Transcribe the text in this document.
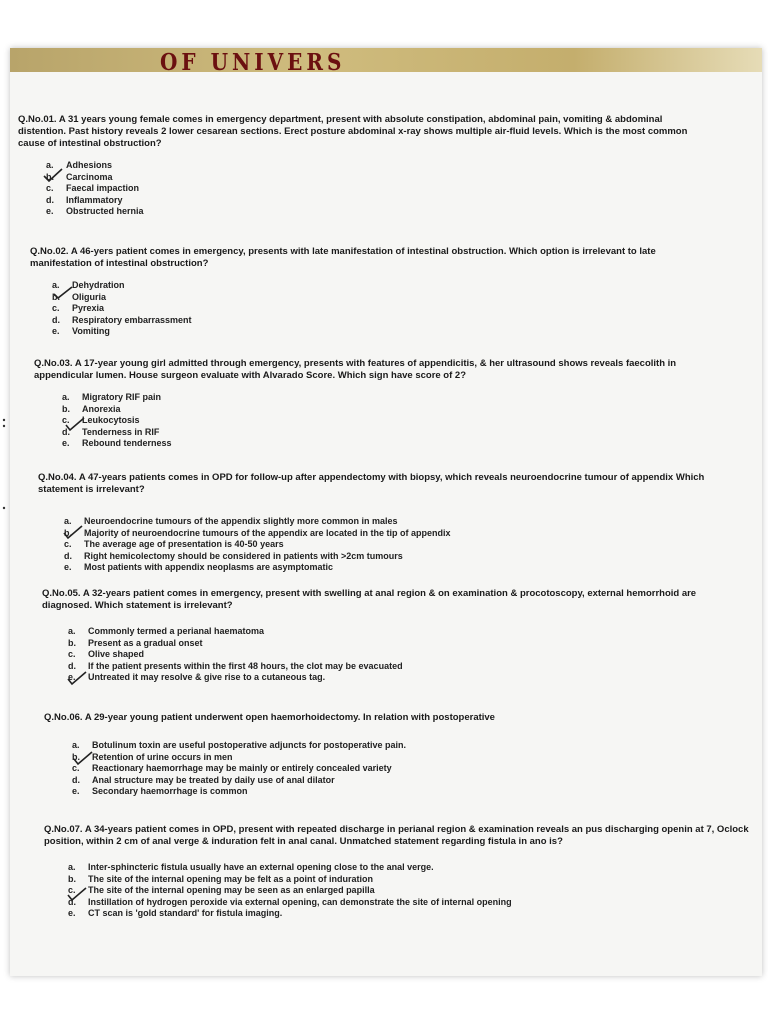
OF UNIVERS
Q.No.01. A 31 years young female comes in emergency department, present with absolute constipation, abdominal pain, vomiting & abdominal distention. Past history reveals 2 lower cesarean sections. Erect posture abdominal x-ray shows multiple air-fluid levels. Which is the most common cause of intestinal obstruction?
a.	Adhesions
b.	Carcinoma
c.	Faecal impaction
d.	Inflammatory
e.	Obstructed hernia
Q.No.02. A 46-yers patient comes in emergency, presents with late manifestation of intestinal obstruction. Which option is irrelevant to late manifestation of intestinal obstruction?
a.	Dehydration
b.	Oliguria
c.	Pyrexia
d.	Respiratory embarrassment
e.	Vomiting
Q.No.03. A 17-year young girl admitted through emergency, presents with features of appendicitis, & her ultrasound shows reveals faecolith in appendicular lumen. House surgeon evaluate with Alvarado Score. Which sign have score of 2?
a.	Migratory RIF pain
b.	Anorexia
c.	Leukocytosis
d.	Tenderness in RIF
e.	Rebound tenderness
Q.No.04. A 47-years patients comes in OPD for follow-up after appendectomy with biopsy, which reveals neuroendocrine tumour of appendix Which statement is irrelevant?
a.	Neuroendocrine tumours of the appendix slightly more common in males
b.	Majority of neuroendocrine tumours of the appendix are located in the tip of appendix
c.	The average age of presentation is 40-50 years
d.	Right hemicolectomy should be considered in patients with >2cm tumours
e.	Most patients with appendix neoplasms are asymptomatic
Q.No.05. A 32-years patient comes in emergency, present with swelling at anal region & on examination & procotoscopy, external hemorrhoid are diagnosed. Which statement is irrelevant?
a.	Commonly termed a perianal haematoma
b.	Present as a gradual onset
c.	Olive shaped
d.	If the patient presents within the first 48 hours, the clot may be evacuated
e.	Untreated it may resolve & give rise to a cutaneous tag.
Q.No.06. A 29-year young patient underwent open haemorhoidectomy. In relation with postoperative
a.	Botulinum toxin are useful postoperative adjuncts for postoperative pain.
b.	Retention of urine occurs in men
c.	Reactionary haemorrhage may be mainly or entirely concealed variety
d.	Anal structure may be treated by daily use of anal dilator
e.	Secondary haemorrhage is common
Q.No.07. A 34-years patient comes in OPD, present with repeated discharge in perianal region & examination reveals an pus discharging openin at 7, Oclock position, within 2 cm of anal verge & induration felt in anal canal. Unmatched statement regarding fistula in ano is?
a.	Inter-sphincteric fistula usually have an external opening close to the anal verge.
b.	The site of the internal opening may be felt as a point of induration
c.	The site of the internal opening may be seen as an enlarged papilla
d.	Instillation of hydrogen peroxide via external opening, can demonstrate the site of internal opening
e.	CT scan is 'gold standard' for fistula imaging.
